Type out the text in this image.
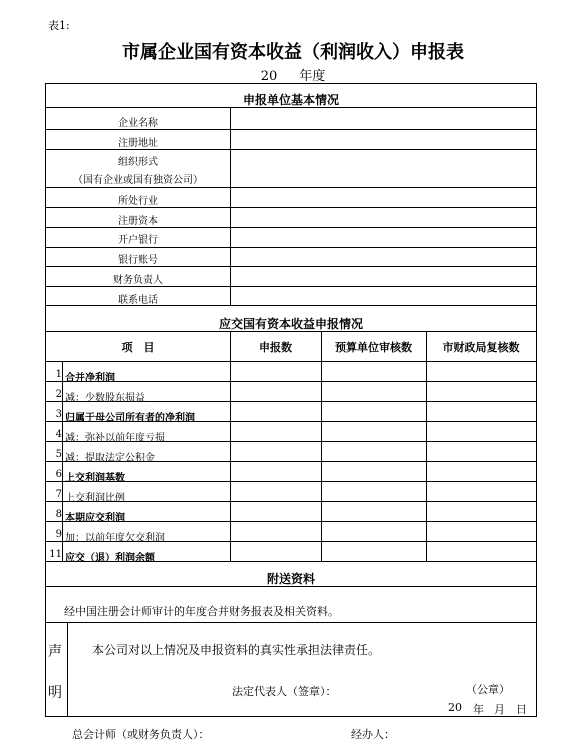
表1:
市属企业国有资本收益（利润收入）申报表
20 年度
申报单位基本情况
企业名称
注册地址
组织形式
（国有企业或国有独资公司）
所处行业
注册资本
开户银行
银行账号
财务负责人
联系电话
应交国有资本收益申报情况
项　目	申报数	预算单位审核数	市财政局复核数
1 合并净利润
2 减：少数股东损益
3 归属于母公司所有者的净利润
4 减：弥补以前年度亏损
5 减：提取法定公积金
6 上交利润基数
7 上交利润比例
8 本期应交利润
9 加：以前年度欠交利润
11 应交（退）利润余额
附送资料
经中国注册会计师审计的年度合并财务报表及相关资料。
声
明
本公司对以上情况及申报资料的真实性承担法律责任。
法定代表人（签章）：	（公章）
20 年 月 日
总会计师（或财务负责人）：	经办人：
